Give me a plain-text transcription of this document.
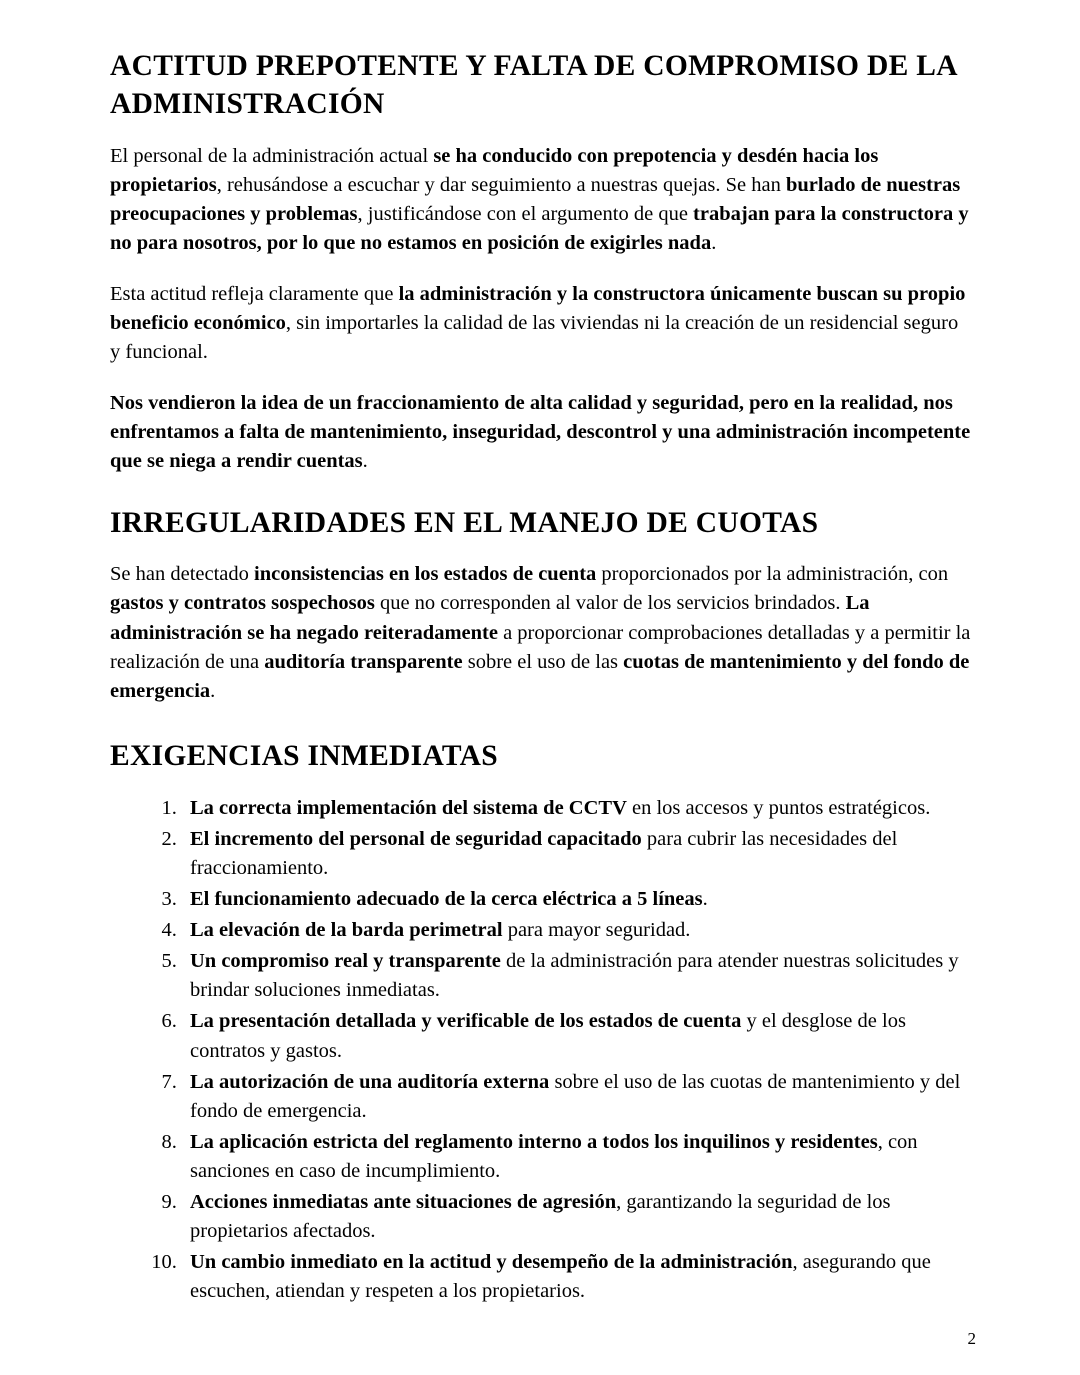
ACTITUD PREPOTENTE Y FALTA DE COMPROMISO DE LA ADMINISTRACIÓN

El personal de la administración actual se ha conducido con prepotencia y desdén hacia los propietarios, rehusándose a escuchar y dar seguimiento a nuestras quejas. Se han burlado de nuestras preocupaciones y problemas, justificándose con el argumento de que trabajan para la constructora y no para nosotros, por lo que no estamos en posición de exigirles nada.

Esta actitud refleja claramente que la administración y la constructora únicamente buscan su propio beneficio económico, sin importarles la calidad de las viviendas ni la creación de un residencial seguro y funcional.

Nos vendieron la idea de un fraccionamiento de alta calidad y seguridad, pero en la realidad, nos enfrentamos a falta de mantenimiento, inseguridad, descontrol y una administración incompetente que se niega a rendir cuentas.

IRREGULARIDADES EN EL MANEJO DE CUOTAS

Se han detectado inconsistencias en los estados de cuenta proporcionados por la administración, con gastos y contratos sospechosos que no corresponden al valor de los servicios brindados. La administración se ha negado reiteradamente a proporcionar comprobaciones detalladas y a permitir la realización de una auditoría transparente sobre el uso de las cuotas de mantenimiento y del fondo de emergencia.

EXIGENCIAS INMEDIATAS
1. La correcta implementación del sistema de CCTV en los accesos y puntos estratégicos.
2. El incremento del personal de seguridad capacitado para cubrir las necesidades del fraccionamiento.
3. El funcionamiento adecuado de la cerca eléctrica a 5 líneas.
4. La elevación de la barda perimetral para mayor seguridad.
5. Un compromiso real y transparente de la administración para atender nuestras solicitudes y brindar soluciones inmediatas.
6. La presentación detallada y verificable de los estados de cuenta y el desglose de los contratos y gastos.
7. La autorización de una auditoría externa sobre el uso de las cuotas de mantenimiento y del fondo de emergencia.
8. La aplicación estricta del reglamento interno a todos los inquilinos y residentes, con sanciones en caso de incumplimiento.
9. Acciones inmediatas ante situaciones de agresión, garantizando la seguridad de los propietarios afectados.
10. Un cambio inmediato en la actitud y desempeño de la administración, asegurando que escuchen, atiendan y respeten a los propietarios.
2
